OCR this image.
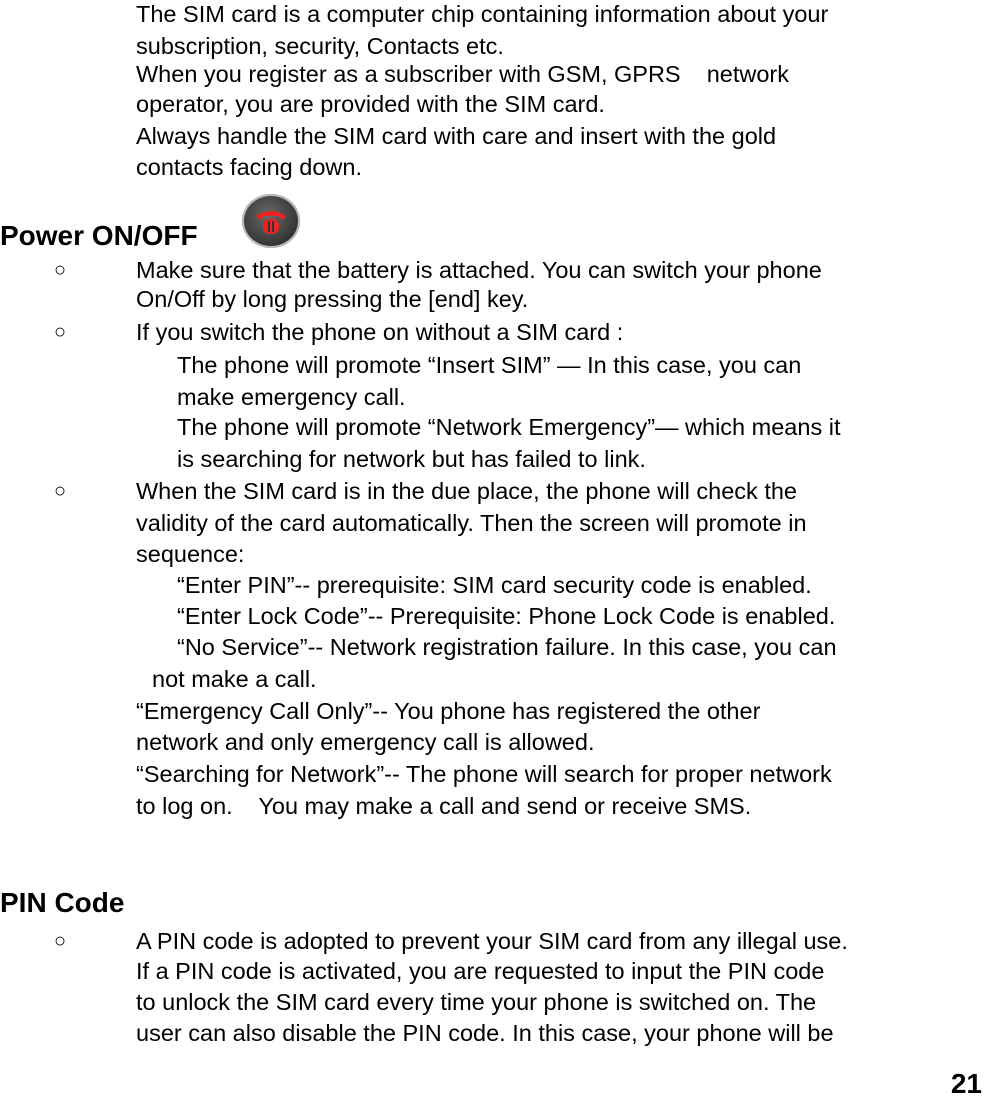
The SIM card is a computer chip containing information about your
subscription, security, Contacts etc.
When you register as a subscriber with GSM, GPRS    network
operator, you are provided with the SIM card.
Always handle the SIM card with care and insert with the gold
contacts facing down.
Power ON/OFF
○	Make sure that the battery is attached. You can switch your phone
On/Off by long pressing the [end] key.
○	If you switch the phone on without a SIM card :
The phone will promote “Insert SIM” — In this case, you can
make emergency call.
The phone will promote “Network Emergency”— which means it
is searching for network but has failed to link.
○	When the SIM card is in the due place, the phone will check the
validity of the card automatically. Then the screen will promote in
sequence:
“Enter PIN”-- prerequisite: SIM card security code is enabled.
“Enter Lock Code”-- Prerequisite: Phone Lock Code is enabled.
“No Service”-- Network registration failure. In this case, you can
not make a call.
“Emergency Call Only”-- You phone has registered the other
network and only emergency call is allowed.
“Searching for Network”-- The phone will search for proper network
to log on.    You may make a call and send or receive SMS.
PIN Code
○	A PIN code is adopted to prevent your SIM card from any illegal use.
If a PIN code is activated, you are requested to input the PIN code
to unlock the SIM card every time your phone is switched on. The
user can also disable the PIN code. In this case, your phone will be
21
